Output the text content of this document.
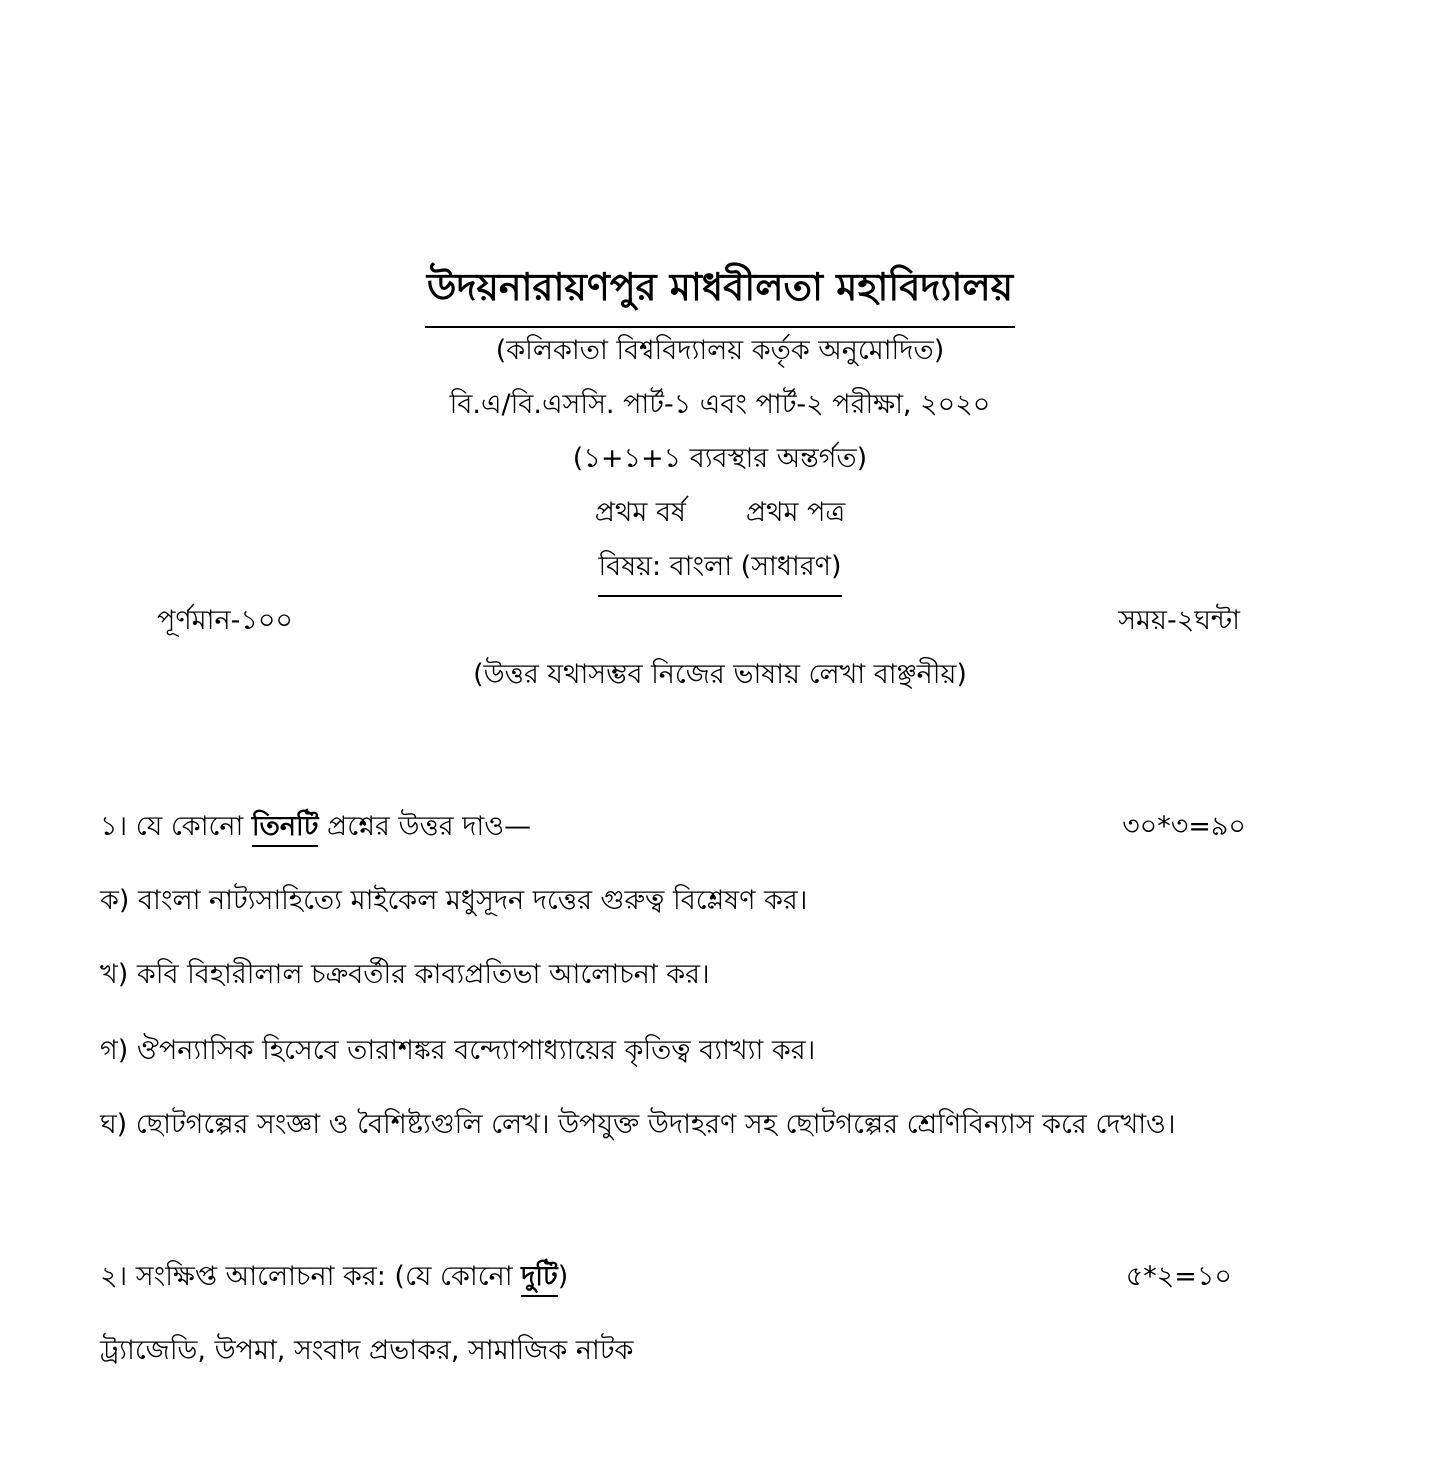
উদয়নারায়ণপুর মাধবীলতা মহাবিদ্যালয়
(কলিকাতা বিশ্ববিদ্যালয় কর্তৃক অনুমোদিত)
বি.এ/বি.এসসি. পার্ট-১ এবং পার্ট-২ পরীক্ষা, ২০২০
(১+১+১ ব্যবস্থার অন্তর্গত)
প্রথম বর্ষ প্রথম পত্র
বিষয়: বাংলা (সাধারণ)
পূর্ণমান-১০০	সময়-২ঘন্টা
(উত্তর যথাসম্ভব নিজের ভাষায় লেখা বাঞ্ছনীয়)
১। যে কোনো তিনটি প্রশ্নের উত্তর দাও—	৩০*৩=৯০
ক) বাংলা নাট্যসাহিত্যে মাইকেল মধুসূদন দত্তের গুরুত্ব বিশ্লেষণ কর।
খ) কবি বিহারীলাল চক্রবর্তীর কাব্যপ্রতিভা আলোচনা কর।
গ) ঔপন্যাসিক হিসেবে তারাশঙ্কর বন্দ্যোপাধ্যায়ের কৃতিত্ব ব্যাখ্যা কর।
ঘ) ছোটগল্পের সংজ্ঞা ও বৈশিষ্ট্যগুলি লেখ। উপযুক্ত উদাহরণ সহ ছোটগল্পের শ্রেণিবিন্যাস করে দেখাও।
২। সংক্ষিপ্ত আলোচনা কর: (যে কোনো দুটি)	৫*২=১০
ট্র্যাজেডি, উপমা, সংবাদ প্রভাকর, সামাজিক নাটক
